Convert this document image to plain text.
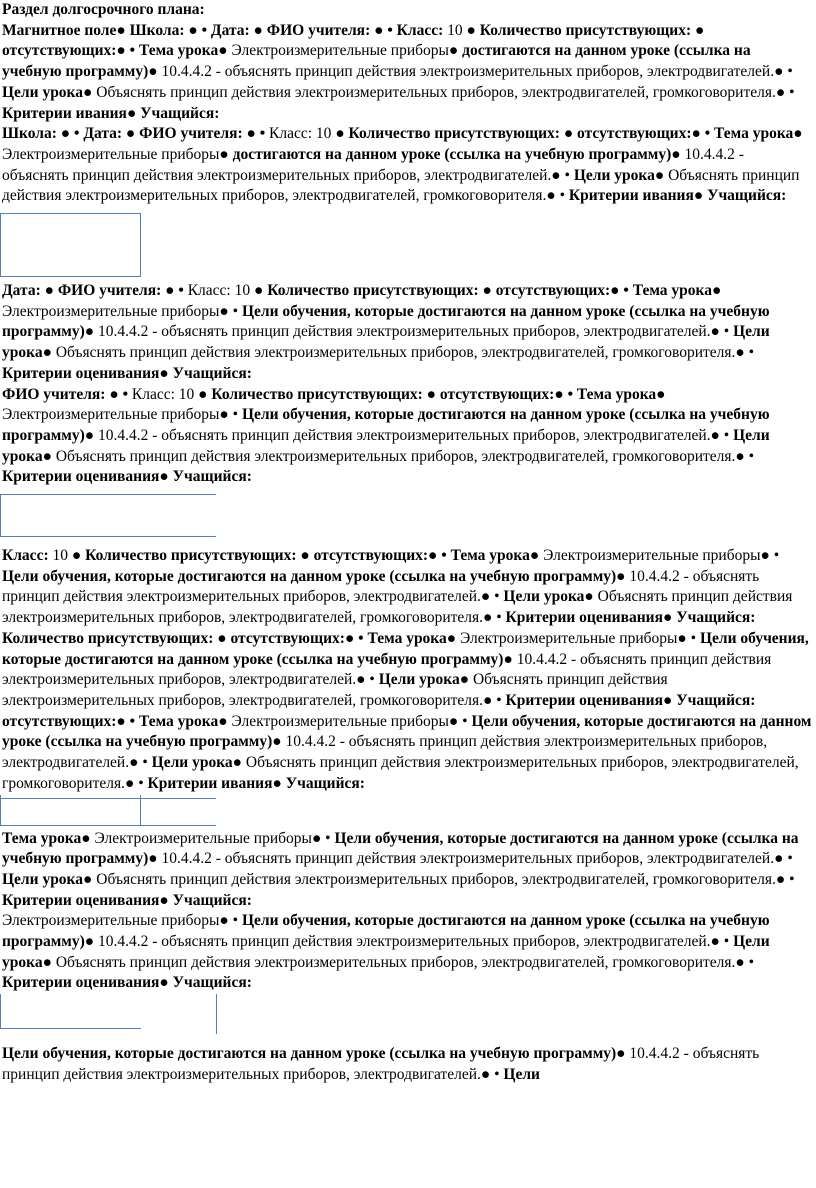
Раздел долгосрочного плана:
Магнитное поле● Школа: ● • Дата: ● ФИО учителя: ● • Класс: 10 ● Количество присутствующих: ● отсутствующих:● • Тема урока● Электроизмерительные приборы● достигаются на данном уроке (ссылка на учебную программу)● 10.4.4.2 - объяснять принцип действия электроизмерительных приборов, электродвигателей.● • Цели урока● Объяснять принцип действия электроизмерительных приборов, электродвигателей, громкоговорителя.● • Критерии ивания● Учащийся:

Школа: ● • Дата: ● ФИО учителя: ● • Класс: 10 ● Количество присутствующих: ● отсутствующих:● • Тема урока● Электроизмерительные приборы● достигаются на данном уроке (ссылка на учебную программу)● 10.4.4.2 - объяснять принцип действия электроизмерительных приборов, электродвигателей.● • Цели урока● Объяснять принцип действия электроизмерительных приборов, электродвигателей, громкоговорителя.● • Критерии ивания● Учащийся:

Дата: ● ФИО учителя: ● • Класс: 10 ● Количество присутствующих: ● отсутствующих:● • Тема урока● Электроизмерительные приборы● • Цели обучения, которые достигаются на данном уроке (ссылка на учебную программу)● 10.4.4.2 - объяснять принцип действия электроизмерительных приборов, электродвигателей.● • Цели урока● Объяснять принцип действия электроизмерительных приборов, электродвигателей, громкоговорителя.● • Критерии оценивания● Учащийся:

ФИО учителя: ● • Класс: 10 ● Количество присутствующих: ● отсутствующих:● • Тема урока● Электроизмерительные приборы● • Цели обучения, которые достигаются на данном уроке (ссылка на учебную программу)● 10.4.4.2 - объяснять принцип действия электроизмерительных приборов, электродвигателей.● • Цели урока● Объяснять принцип действия электроизмерительных приборов, электродвигателей, громкоговорителя.● • Критерии оценивания● Учащийся:

Класс: 10 ● Количество присутствующих: ● отсутствующих:● • Тема урока● Электроизмерительные приборы● • Цели обучения, которые достигаются на данном уроке (ссылка на учебную программу)● 10.4.4.2 - объяснять принцип действия электроизмерительных приборов, электродвигателей.● • Цели урока● Объяснять принцип действия электроизмерительных приборов, электродвигателей, громкоговорителя.● • Критерии оценивания● Учащийся:

Количество присутствующих: ● отсутствующих:● • Тема урока● Электроизмерительные приборы● • Цели обучения, которые достигаются на данном уроке (ссылка на учебную программу)● 10.4.4.2 - объяснять принцип действия электроизмерительных приборов, электродвигателей.● • Цели урока● Объяснять принцип действия электроизмерительных приборов, электродвигателей, громкоговорителя.● • Критерии оценивания● Учащийся:

отсутствующих:● • Тема урока● Электроизмерительные приборы● • Цели обучения, которые достигаются на данном уроке (ссылка на учебную программу)● 10.4.4.2 - объяснять принцип действия электроизмерительных приборов, электродвигателей.● • Цели урока● Объяснять принцип действия электроизмерительных приборов, электродвигателей, громкоговорителя.● • Критерии ивания● Учащийся:

Тема урока● Электроизмерительные приборы● • Цели обучения, которые достигаются на данном уроке (ссылка на учебную программу)● 10.4.4.2 - объяснять принцип действия электроизмерительных приборов, электродвигателей.● • Цели урока● Объяснять принцип действия электроизмерительных приборов, электродвигателей, громкоговорителя.● • Критерии оценивания● Учащийся:

Электроизмерительные приборы● • Цели обучения, которые достигаются на данном уроке (ссылка на учебную программу)● 10.4.4.2 - объяснять принцип действия электроизмерительных приборов, электродвигателей.● • Цели урока● Объяснять принцип действия электроизмерительных приборов, электродвигателей, громкоговорителя.● • Критерии оценивания● Учащийся:

Цели обучения, которые достигаются на данном уроке (ссылка на учебную программу)● 10.4.4.2 - объяснять принцип действия электроизмерительных приборов, электродвигателей.● • Цели
